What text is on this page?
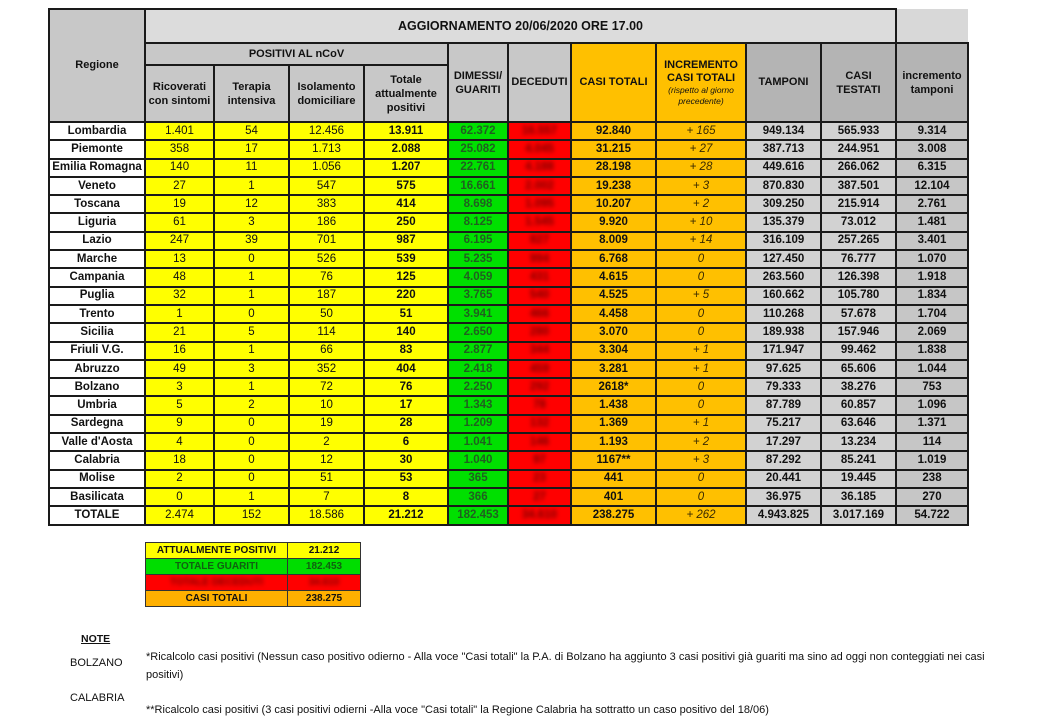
Regione	AGGIORNAMENTO 20/06/2020 ORE 17.00										
	POSITIVI AL nCoV				DIMESSI/ GUARITI	DECEDUTI	CASI TOTALI	INCREMENTO CASI TOTALI
(rispetto al giorno precedente)	TAMPONI	CASI TESTATI	incremento tamponi
	Ricoverati con sintomi	Terapia intensiva	Isolamento domiciliare	Totale attualmente positivi							
Lombardia	1.401	54	12.456	13.911	62.372	16.557	92.840	+ 165	949.134	565.933	9.314
Piemonte	358	17	1.713	2.088	25.082	4.045	31.215	+ 27	387.713	244.951	3.008
Emilia Romagna	140	11	1.056	1.207	22.761	4.188	28.198	+ 28	449.616	266.062	6.315
Veneto	27	1	547	575	16.661	2.002	19.238	+ 3	870.830	387.501	12.104
Toscana	19	12	383	414	8.698	1.095	10.207	+ 2	309.250	215.914	2.761
Liguria	61	3	186	250	8.125	1.545	9.920	+ 10	135.379	73.012	1.481
Lazio	247	39	701	987	6.195	827	8.009	+ 14	316.109	257.265	3.401
Marche	13	0	526	539	5.235	994	6.768	0	127.450	76.777	1.070
Campania	48	1	76	125	4.059	431	4.615	0	263.560	126.398	1.918
Puglia	32	1	187	220	3.765	540	4.525	+ 5	160.662	105.780	1.834
Trento	1	0	50	51	3.941	466	4.458	0	110.268	57.678	1.704
Sicilia	21	5	114	140	2.650	280	3.070	0	189.938	157.946	2.069
Friuli V.G.	16	1	66	83	2.877	344	3.304	+ 1	171.947	99.462	1.838
Abruzzo	49	3	352	404	2.418	459	3.281	+ 1	97.625	65.606	1.044
Bolzano	3	1	72	76	2.250	292	2618*	0	79.333	38.276	753
Umbria	5	2	10	17	1.343	78	1.438	0	87.789	60.857	1.096
Sardegna	9	0	19	28	1.209	132	1.369	+ 1	75.217	63.646	1.371
Valle d'Aosta	4	0	2	6	1.041	146	1.193	+ 2	17.297	13.234	114
Calabria	18	0	12	30	1.040	97	1167**	+ 3	87.292	85.241	1.019
Molise	2	0	51	53	365	23	441	0	20.441	19.445	238
Basilicata	0	1	7	8	366	27	401	0	36.975	36.185	270
TOTALE	2.474	152	18.586	21.212	182.453	34.610	238.275	+ 262	4.943.825	3.017.169	54.722
ATTUALMENTE POSITIVI	21.212
TOTALE GUARITI	182.453
TOTALE DECEDUTI	34.610
CASI TOTALI	238.275
NOTE
BOLZANO *Ricalcolo casi positivi (Nessun caso positivo odierno - Alla voce "Casi totali" la P.A. di Bolzano ha aggiunto 3 casi positivi già guariti ma sino ad oggi non conteggiati nei casi positivi)
CALABRIA
**Ricalcolo casi positivi (3 casi positivi odierni -Alla voce "Casi totali" la Regione Calabria ha sottratto un caso positivo del 18/06)
